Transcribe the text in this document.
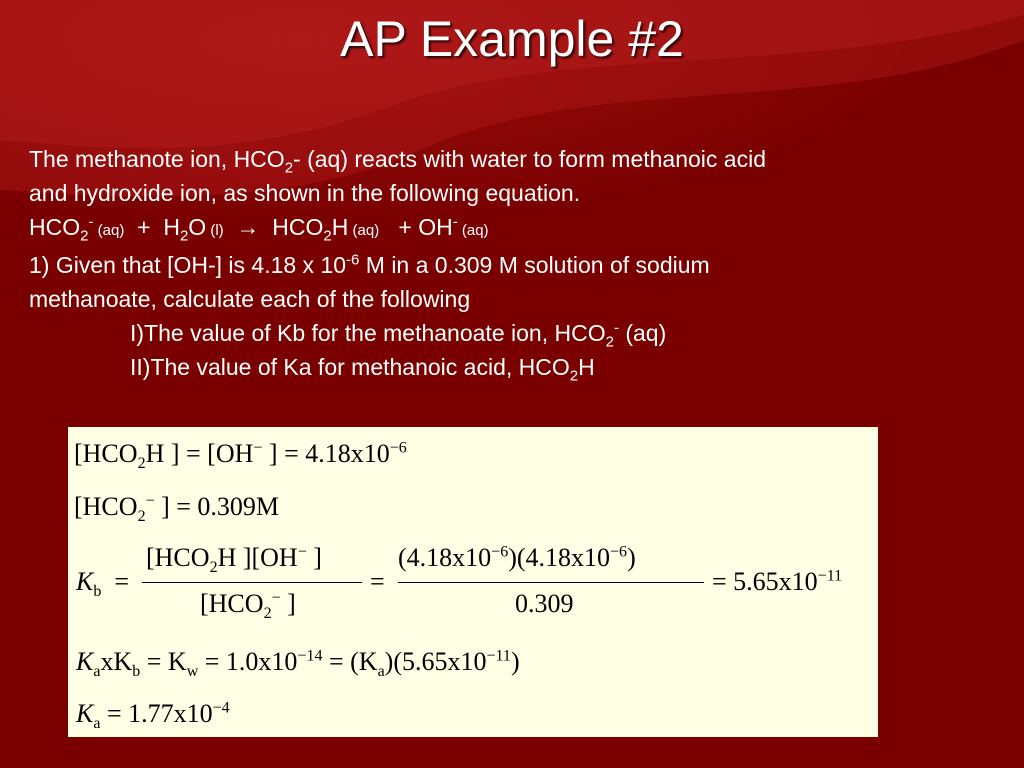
AP Example #2
The methanote ion, $HCO_2-$ (aq) reacts with water to form methanoic acid
and hydroxide ion, as shown in the following equation.
$HCO_2^-$ $(aq) + H_2O$ $(l) \to HCO_2H$ (aq) + OH- (aq)
1) Given that [OH-] is 4.18 x $10^{-6}$ M in a 0.309 M solution of sodium
methanoate, calculate each of the following
I)The value of Kb for the methanoate ion, $HCO_2^-$ (aq)
II)The value of Ka for methanoic acid, $HCO_2H$
[$HCO_2H$ ] = [OH− ] = $4.18x10^{-6}$
[$HCO_2^-$ ] = 0.309M
$K_b$ =
[$HCO_2H$ ][OH− ]
[$HCO_2^-$ ]
=
$(4.18x10^{-6})(4.18x10^{-6})$
0.309
= $5.65x10^{-11}$
$K_axK_b = K_w = 1.0x10^{-14} = (K_a)(5.65x10^{-11})$
$K_a = 1.77x10^{-4}$
